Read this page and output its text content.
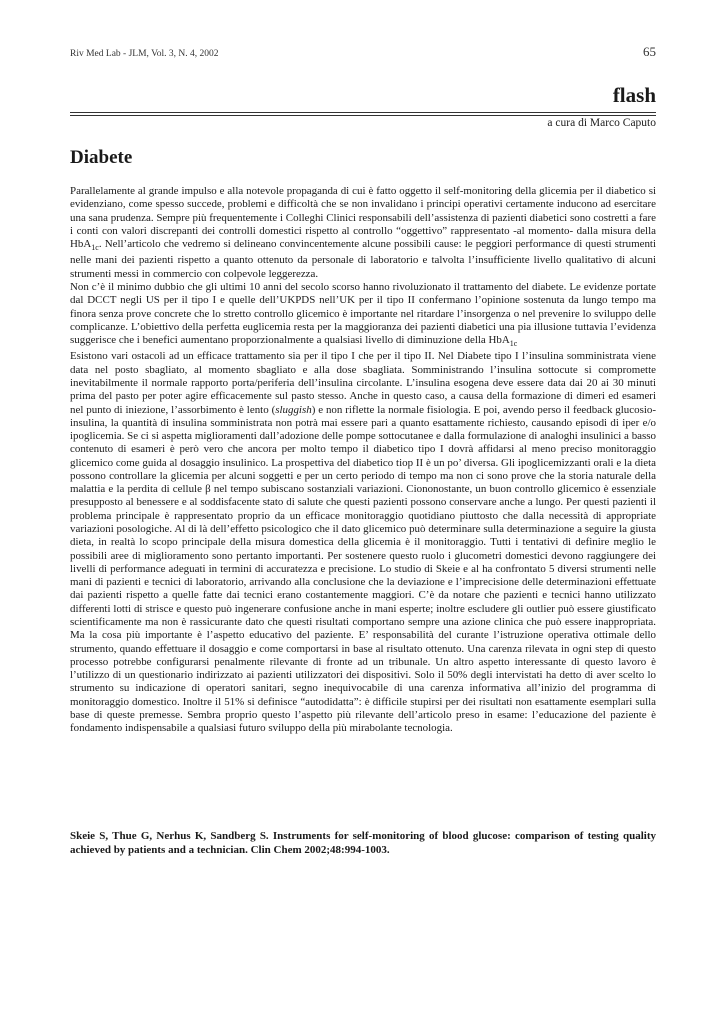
Riv Med Lab - JLM, Vol. 3, N. 4, 2002	65
flash
a cura di Marco Caputo
Diabete

Parallelamente al grande impulso e alla notevole propaganda di cui è fatto oggetto il self-monitoring della glicemia per il diabetico si evidenziano, come spesso succede, problemi e difficoltà che se non invalidano i principi operativi certamente inducono ad esercitare una sana prudenza. Sempre più frequentemente i Colleghi Clinici responsabili dell’assistenza di pazienti diabetici sono costretti a fare i conti con valori discrepanti dei controlli domestici rispetto al controllo “oggettivo” rappresentato -al momento- dalla misura della HbA$_{1c}$. Nell’articolo che vedremo si delineano convincentemente alcune possibili cause: le peggiori performance di questi strumenti nelle mani dei pazienti rispetto a quanto ottenuto da personale di laboratorio e talvolta l’insufficiente livello qualitativo di alcuni strumenti messi in commercio con colpevole leggerezza.

Non c’è il minimo dubbio che gli ultimi 10 anni del secolo scorso hanno rivoluzionato il trattamento del diabete. Le evidenze portate dal DCCT negli US per il tipo I e quelle dell’UKPDS nell’UK per il tipo II confermano l’opinione sostenuta da lungo tempo ma finora senza prove concrete che lo stretto controllo glicemico è importante nel ritardare l’insorgenza o nel prevenire lo sviluppo delle complicanze. L’obiettivo della perfetta euglicemia resta per la maggioranza dei pazienti diabetici una pia illusione tuttavia l’evidenza suggerisce che i benefici aumentano proporzionalmente a qualsiasi livello di diminuzione della HbA$_{1c}$

Esistono vari ostacoli ad un efficace trattamento sia per il tipo I che per il tipo II. Nel Diabete tipo I l’insulina somministrata viene data nel posto sbagliato, al momento sbagliato e alla dose sbagliata. Somministrando l’insulina sottocute si compromette inevitabilmente il normale rapporto porta/periferia dell’insulina circolante. L’insulina esogena deve essere data dai 20 ai 30 minuti prima del pasto per poter agire efficacemente sul pasto stesso. Anche in questo caso, a causa della formazione di dimeri ed esameri nel punto di iniezione, l’assorbimento è lento (sluggish) e non riflette la normale fisiologia. E poi, avendo perso il feedback glucosio-insulina, la quantità di insulina somministrata non potrà mai essere pari a quanto esattamente richiesto, causando episodi di iper e/o ipoglicemia. Se ci si aspetta miglioramenti dall’adozione delle pompe sottocutanee e dalla formulazione di analoghi insulinici a basso contenuto di esameri è però vero che ancora per molto tempo il diabetico tipo I dovrà affidarsi al meno preciso monitoraggio glicemico come guida al dosaggio insulinico. La prospettiva del diabetico tiop II è un po’ diversa. Gli ipoglicemizzanti orali e la dieta possono controllare la glicemia per alcuni soggetti e per un certo periodo di tempo ma non ci sono prove che la storia naturale della malattia e la perdita di cellule β nel tempo subiscano sostanziali variazioni. Ciononostante, un buon controllo glicemico è essenziale presupposto al benessere e al soddisfacente stato di salute che questi pazienti possono conservare anche a lungo. Per questi pazienti il problema principale è rappresentato proprio da un efficace monitoraggio quotidiano piuttosto che dalla necessità di appropriate variazioni posologiche. Al di là dell’effetto psicologico che il dato glicemico può determinare sulla determinazione a seguire la giusta dieta, in realtà lo scopo principale della misura domestica della glicemia è il monitoraggio. Tutti i tentativi di definire meglio le possibili aree di miglioramento sono pertanto importanti. Per sostenere questo ruolo i glucometri domestici devono raggiungere dei livelli di performance adeguati in termini di accuratezza e precisione. Lo studio di Skeie e al ha confrontato 5 diversi strumenti nelle mani di pazienti e tecnici di laboratorio, arrivando alla conclusione che la deviazione e l’imprecisione delle determinazioni effettuate dai pazienti rispetto a quelle fatte dai tecnici erano costantemente maggiori. C’è da notare che pazienti e tecnici hanno utilizzato differenti lotti di strisce e questo può ingenerare confusione anche in mani esperte; inoltre escludere gli outlier può essere giustificato scientificamente ma non è rassicurante dato che questi risultati comportano sempre una azione clinica che può essere inappropriata. Ma la cosa più importante è l’aspetto educativo del paziente. E’ responsabilità del curante l’istruzione operativa ottimale dello strumento, quando effettuare il dosaggio e come comportarsi in base al risultato ottenuto. Una carenza rilevata in ogni step di questo processo potrebbe configurarsi penalmente rilevante di fronte ad un tribunale. Un altro aspetto interessante di questo lavoro è l’utilizzo di un questionario indirizzato ai pazienti utilizzatori dei dispositivi. Solo il 50% degli intervistati ha detto di aver scelto lo strumento su indicazione di operatori sanitari, segno inequivocabile di una carenza informativa all’inizio del programma di monitoraggio domestico. Inoltre il 51% si definisce “autodidatta”: è difficile stupirsi per dei risultati non esattamente esemplari sulla base di queste premesse. Sembra proprio questo l’aspetto più rilevante dell’articolo preso in esame: l’educazione del paziente è fondamento indispensabile a qualsiasi futuro sviluppo della più mirabolante tecnologia.

Skeie S, Thue G, Nerhus K, Sandberg S. Instruments for self-monitoring of blood glucose: comparison of testing quality achieved by patients and a technician. Clin Chem 2002;48:994-1003.
